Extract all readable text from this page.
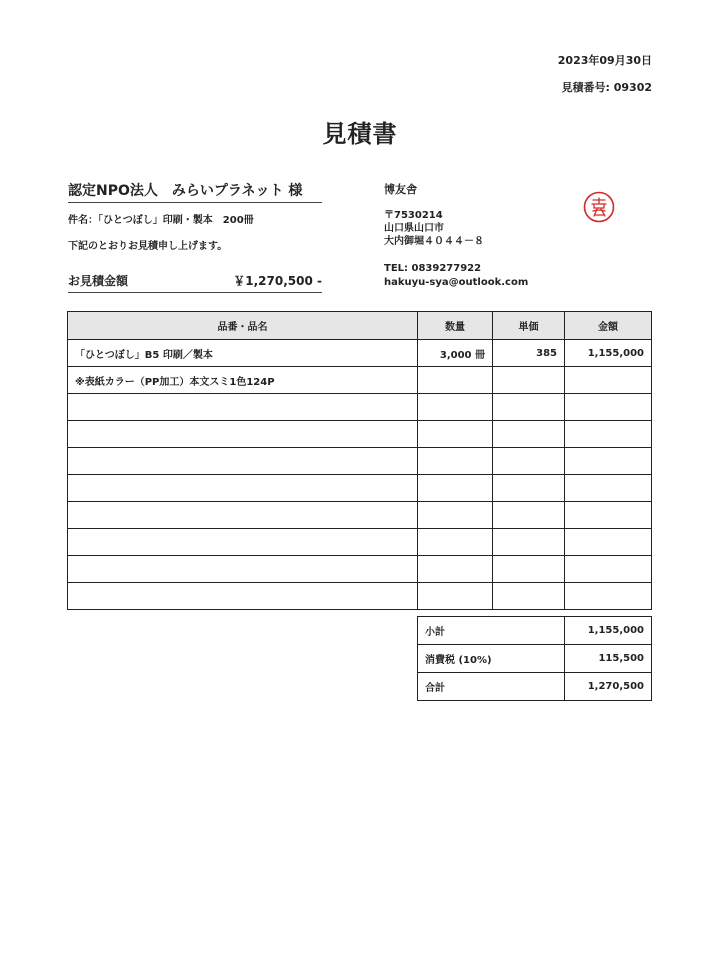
2023年09月30日
見積番号: 09302
見積書
認定NPO法人　みらいプラネット 様
件名：「ひとつぼし」印刷・製本　200冊
下記のとおりお見積申し上げます。
お見積金額	￥1,270,500 -
博友舎
〒7530214
山口県山口市
大内御堀４０４４－８
TEL: 0839277922
hakuyu-sya@outlook.com
品番・品名	数量	単価	金額
「ひとつぼし」B5 印刷／製本	3,000 冊	385	1,155,000
※表紙カラー（PP加工）本文スミ1色124P			

小計	1,155,000
消費税 (10%)	115,500
合計	1,270,500
